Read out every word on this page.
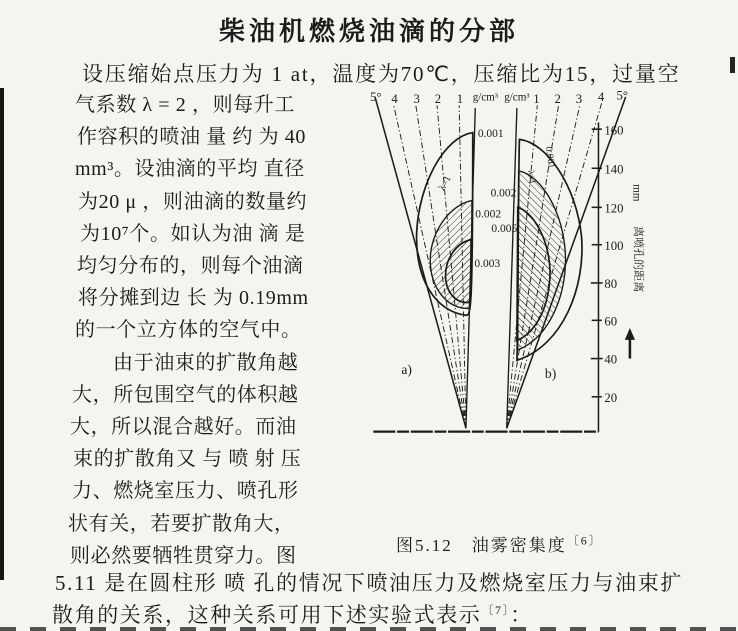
柴油机燃烧油滴的分部
设压缩始点压力为 1 at，温度为70℃，压缩比为15，过量空
气系数 λ = 2 ，则每升工
作容积的喷油 量 约 为 40
mm³。设油滴的平均 直径
为20 μ ，则油滴的数量约
为10⁷个。如认为油 滴 是
均匀分布的，则每个油滴
将分摊到边 长 为 0.19mm
的一个立方体的空气中。
由于油束的扩散角越
大，所包围空气的体积越
大，所以混合越好。而油
束的扩散角又 与 喷 射 压
力、燃烧室压力、喷孔形
状有关，若要扩散角大，
则必然要牺牲贯穿力。图
160
140
120
100
80
60
40
20
mm
离喷孔的距离
5° 4 3 2 1 g/cm³ g/cm³ 1 2 3 4 5°
0.001
0.002
0.002
0.005
0.003
λ=1	λ=1
0.001
a)	b)
图5.12　油雾密集度$^{〔6〕}$
5.11 是在圆柱形 喷 孔的情况下喷油压力及燃烧室压力与油束扩
散角的关系，这种关系可用下述实验式表示$^{〔7〕}$：
